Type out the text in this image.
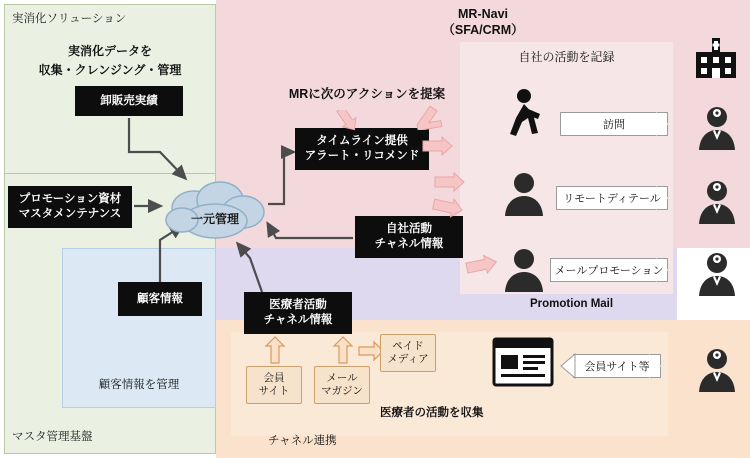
実消化ソリューション
マスタ管理基盤
MR-Navi
（SFA/CRM）
自社の活動を記録
Promotion Mail
チャネル連携
顧客情報を管理
医療者の活動を収集
実消化データを
収集・クレンジング・管理
MRに次のアクションを提案
卸販売実績
プロモーション資材
マスタメンテナンス
顧客情報
タイムライン提供
アラート・リコメンド
自社活動
チャネル情報
医療者活動
チャネル情報
一元管理
訪問
リモートディテール
メールプロモーション
会員サイト等
会員
サイト
メール
マガジン
ペイド
メディア
